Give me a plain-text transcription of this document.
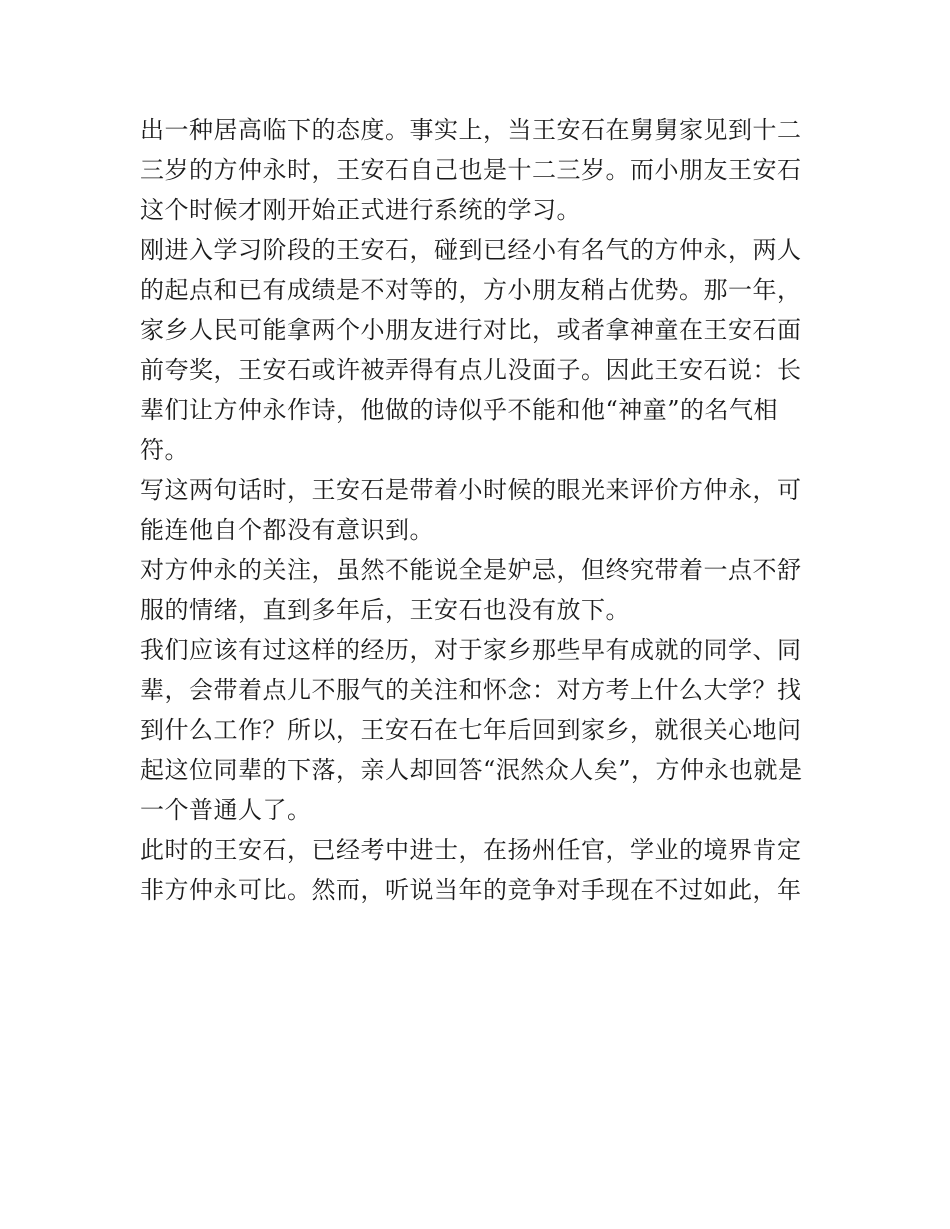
出一种居高临下的态度。事实上，当王安石在舅舅家见到十二
三岁的方仲永时，王安石自己也是十二三岁。而小朋友王安石
这个时候才刚开始正式进行系统的学习。

刚进入学习阶段的王安石，碰到已经小有名气的方仲永，两人
的起点和已有成绩是不对等的，方小朋友稍占优势。那一年，
家乡人民可能拿两个小朋友进行对比，或者拿神童在王安石面
前夸奖，王安石或许被弄得有点儿没面子。因此王安石说：长
辈们让方仲永作诗，他做的诗似乎不能和他“神童”的名气相
符。

写这两句话时，王安石是带着小时候的眼光来评价方仲永，可
能连他自个都没有意识到。

对方仲永的关注，虽然不能说全是妒忌，但终究带着一点不舒
服的情绪，直到多年后，王安石也没有放下。

我们应该有过这样的经历，对于家乡那些早有成就的同学、同
辈，会带着点儿不服气的关注和怀念：对方考上什么大学？找
到什么工作？所以，王安石在七年后回到家乡，就很关心地问
起这位同辈的下落，亲人却回答“泯然众人矣”，方仲永也就是
一个普通人了。

此时的王安石，已经考中进士，在扬州任官，学业的境界肯定
非方仲永可比。然而，听说当年的竞争对手现在不过如此，年
